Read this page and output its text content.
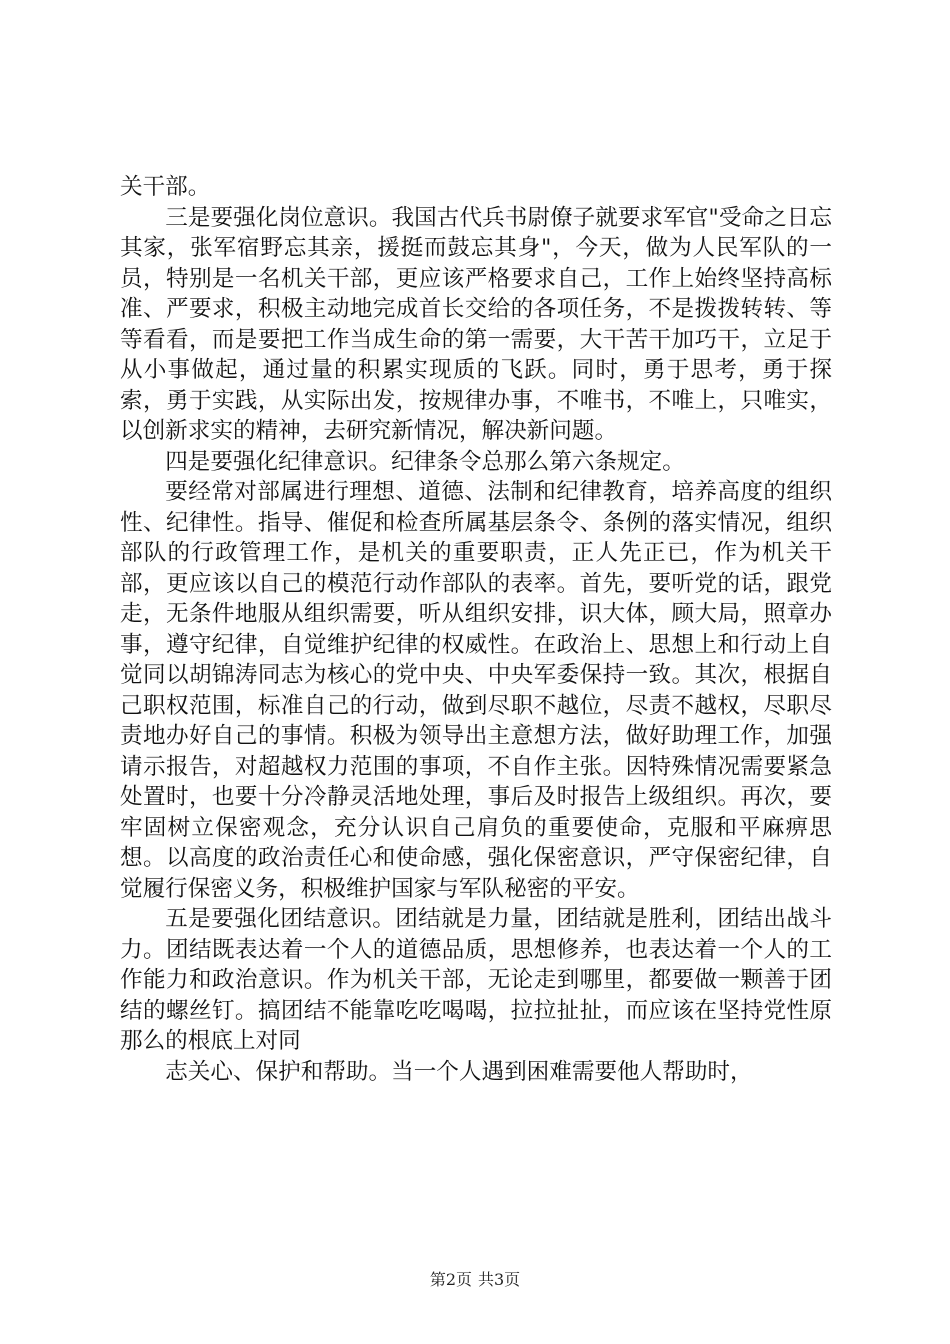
关干部。

三是要强化岗位意识。我国古代兵书尉僚子就要求军官"受命之日忘其家，张军宿野忘其亲，援挺而鼓忘其身"，今天，做为人民军队的一员，特别是一名机关干部，更应该严格要求自己，工作上始终坚持高标准、严要求，积极主动地完成首长交给的各项任务，不是拨拨转转、等等看看，而是要把工作当成生命的第一需要，大干苦干加巧干，立足于从小事做起，通过量的积累实现质的飞跃。同时，勇于思考，勇于探索，勇于实践，从实际出发，按规律办事，不唯书，不唯上，只唯实，以创新求实的精神，去研究新情况，解决新问题。

四是要强化纪律意识。纪律条令总那么第六条规定。

要经常对部属进行理想、道德、法制和纪律教育，培养高度的组织性、纪律性。指导、催促和检查所属基层条令、条例的落实情况，组织部队的行政管理工作，是机关的重要职责，正人先正已，作为机关干部，更应该以自己的模范行动作部队的表率。首先，要听党的话，跟党走，无条件地服从组织需要，听从组织安排，识大体，顾大局，照章办事，遵守纪律，自觉维护纪律的权威性。在政治上、思想上和行动上自觉同以胡锦涛同志为核心的党中央、中央军委保持一致。其次，根据自己职权范围，标准自己的行动，做到尽职不越位，尽责不越权，尽职尽责地办好自己的事情。积极为领导出主意想方法，做好助理工作，加强请示报告，对超越权力范围的事项，不自作主张。因特殊情况需要紧急处置时，也要十分冷静灵活地处理，事后及时报告上级组织。再次，要牢固树立保密观念，充分认识自己肩负的重要使命，克服和平麻痹思想。以高度的政治责任心和使命感，强化保密意识，严守保密纪律，自觉履行保密义务，积极维护国家与军队秘密的平安。

五是要强化团结意识。团结就是力量，团结就是胜利，团结出战斗力。团结既表达着一个人的道德品质，思想修养，也表达着一个人的工作能力和政治意识。作为机关干部，无论走到哪里，都要做一颗善于团结的螺丝钉。搞团结不能靠吃吃喝喝，拉拉扯扯，而应该在坚持党性原那么的根底上对同

志关心、保护和帮助。当一个人遇到困难需要他人帮助时，

第2页 共3页
